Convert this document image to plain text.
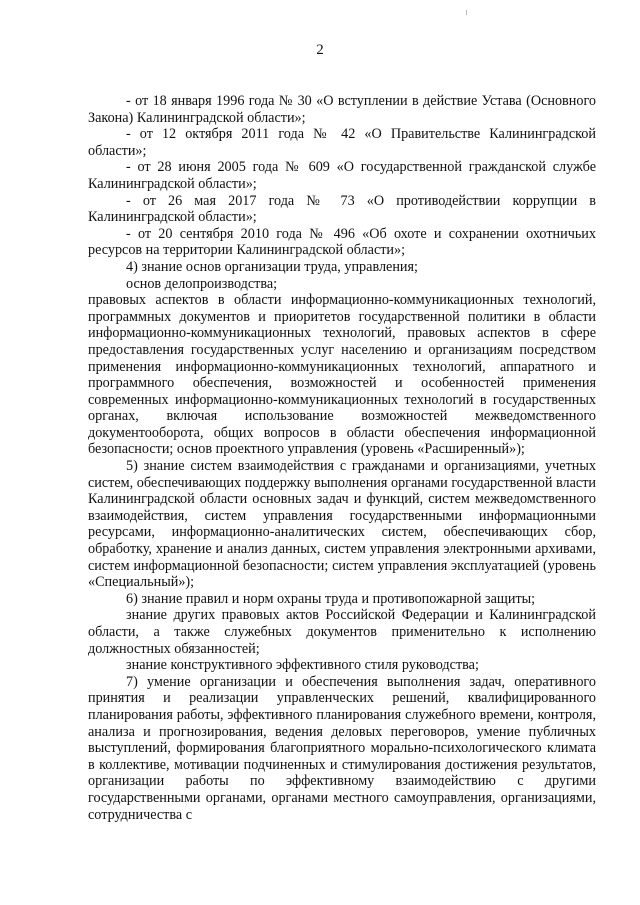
2

- от 18 января 1996 года № 30 «О вступлении в действие Устава (Основного Закона) Калининградской области»;

- от 12 октября 2011 года № 42 «О Правительстве Калининградской области»;

- от 28 июня 2005 года № 609 «О государственной гражданской службе Калининградской области»;

- от 26 мая 2017 года № 73 «О противодействии коррупции в Калининградской области»;

- от 20 сентября 2010 года № 496 «Об охоте и сохранении охотничьих ресурсов на территории Калининградской области»;

4) знание основ организации труда, управления;

основ делопроизводства;

правовых аспектов в области информационно-коммуникационных технологий, программных документов и приоритетов государственной политики в области информационно-коммуникационных технологий, правовых аспектов в сфере предоставления государственных услуг населению и организациям посредством применения информационно-коммуникационных технологий, аппаратного и программного обеспечения, возможностей и особенностей применения современных информационно-коммуникационных технологий в государственных органах, включая использование возможностей межведомственного документооборота, общих вопросов в области обеспечения информационной безопасности; основ проектного управления (уровень «Расширенный»);

5) знание систем взаимодействия с гражданами и организациями, учетных систем, обеспечивающих поддержку выполнения органами государственной власти Калининградской области основных задач и функций, систем межведомственного взаимодействия, систем управления государственными информационными ресурсами, информационно-аналитических систем, обеспечивающих сбор, обработку, хранение и анализ данных, систем управления электронными архивами, систем информационной безопасности; систем управления эксплуатацией (уровень «Специальный»);

6) знание правил и норм охраны труда и противопожарной защиты;

знание других правовых актов Российской Федерации и Калининградской области, а также служебных документов применительно к исполнению должностных обязанностей;

знание конструктивного эффективного стиля руководства;

7) умение организации и обеспечения выполнения задач, оперативного принятия и реализации управленческих решений, квалифицированного планирования работы, эффективного планирования служебного времени, контроля, анализа и прогнозирования, ведения деловых переговоров, умение публичных выступлений, формирования благоприятного морально-психологического климата в коллективе, мотивации подчиненных и стимулирования достижения результатов, организации работы по эффективному взаимодействию с другими государственными органами, органами местного самоуправления, организациями, сотрудничества с
